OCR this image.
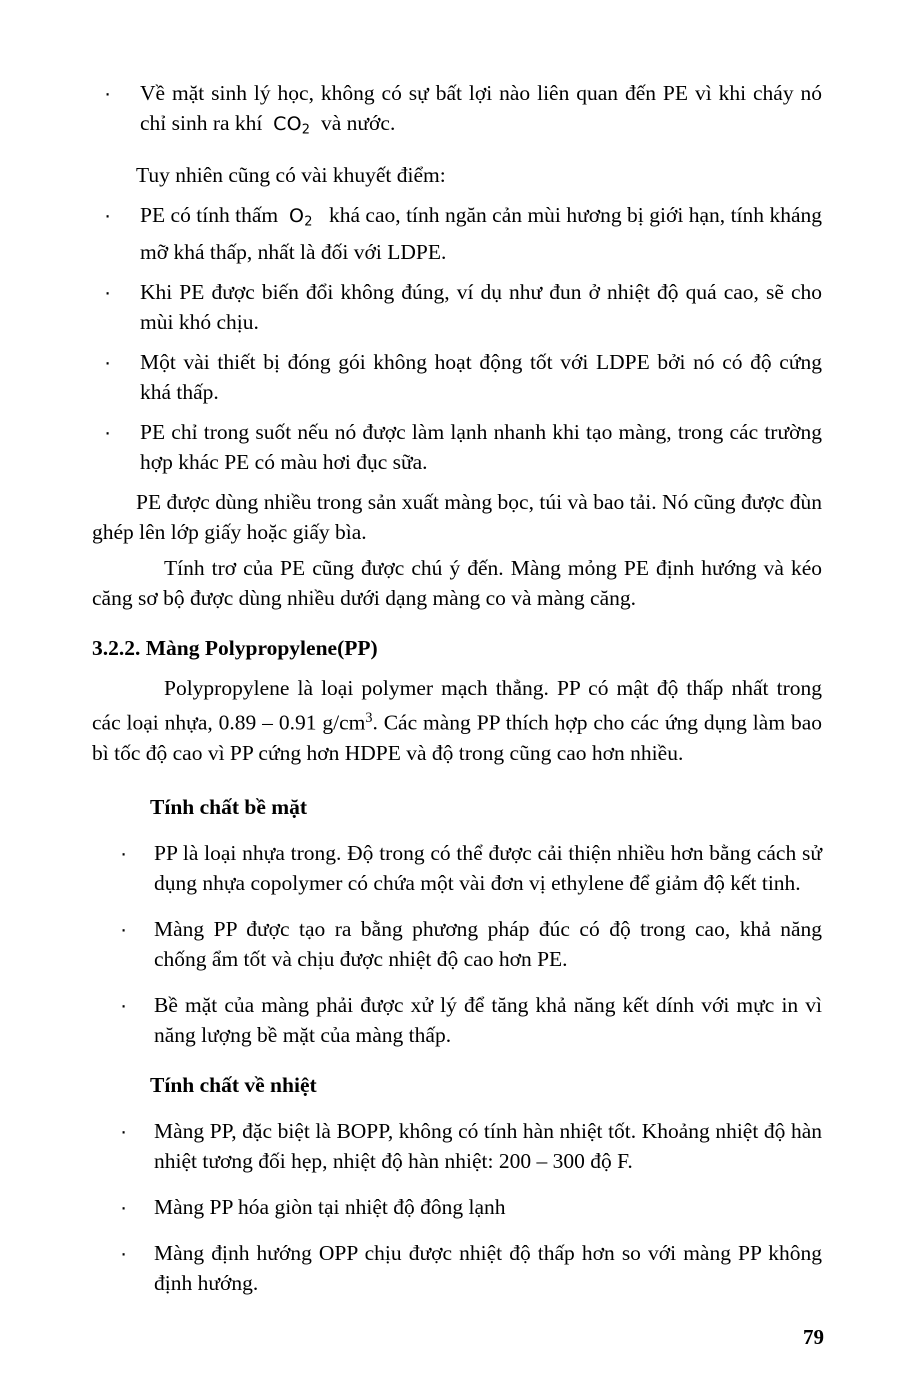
·	Về mặt sinh lý học, không có sự bất lợi nào liên quan đến PE vì khi cháy nó chỉ sinh ra khí $CO_2$ và nước.

Tuy nhiên cũng có vài khuyết điểm:

·	PE có tính thấm $O_2$ khá cao, tính ngăn cản mùi hương bị giới hạn, tính kháng mỡ khá thấp, nhất là đối với LDPE.
·	Khi PE được biến đổi không đúng, ví dụ như đun ở nhiệt độ quá cao, sẽ cho mùi khó chịu.
·	Một vài thiết bị đóng gói không hoạt động tốt với LDPE bởi nó có độ cứng khá thấp.
·	PE chỉ trong suốt nếu nó được làm lạnh nhanh khi tạo màng, trong các trường hợp khác PE có màu hơi đục sữa.

PE được dùng nhiều trong sản xuất màng bọc, túi và bao tải. Nó cũng được đùn ghép lên lớp giấy hoặc giấy bìa.

Tính trơ của PE cũng được chú ý đến. Màng mỏng PE định hướng và kéo căng sơ bộ được dùng nhiều dưới dạng màng co và màng căng.

3.2.2. Màng Polypropylene(PP)

Polypropylene là loại polymer mạch thẳng. PP có mật độ thấp nhất trong các loại nhựa, 0.89 – 0.91 $g/cm^3$. Các màng PP thích hợp cho các ứng dụng làm bao bì tốc độ cao vì PP cứng hơn HDPE và độ trong cũng cao hơn nhiều.

Tính chất bề mặt

·	PP là loại nhựa trong. Độ trong có thể được cải thiện nhiều hơn bằng cách sử dụng nhựa copolymer có chứa một vài đơn vị ethylene để giảm độ kết tinh.
·	Màng PP được tạo ra bằng phương pháp đúc có độ trong cao, khả năng chống ẩm tốt và chịu được nhiệt độ cao hơn PE.
·	Bề mặt của màng phải được xử lý để tăng khả năng kết dính với mực in vì năng lượng bề mặt của màng thấp.

Tính chất về nhiệt

·	Màng PP, đặc biệt là BOPP, không có tính hàn nhiệt tốt. Khoảng nhiệt độ hàn nhiệt tương đối hẹp, nhiệt độ hàn nhiệt: 200 – 300 độ F.
·	Màng PP hóa giòn tại nhiệt độ đông lạnh
·	Màng định hướng OPP chịu được nhiệt độ thấp hơn so với màng PP không định hướng.
79
